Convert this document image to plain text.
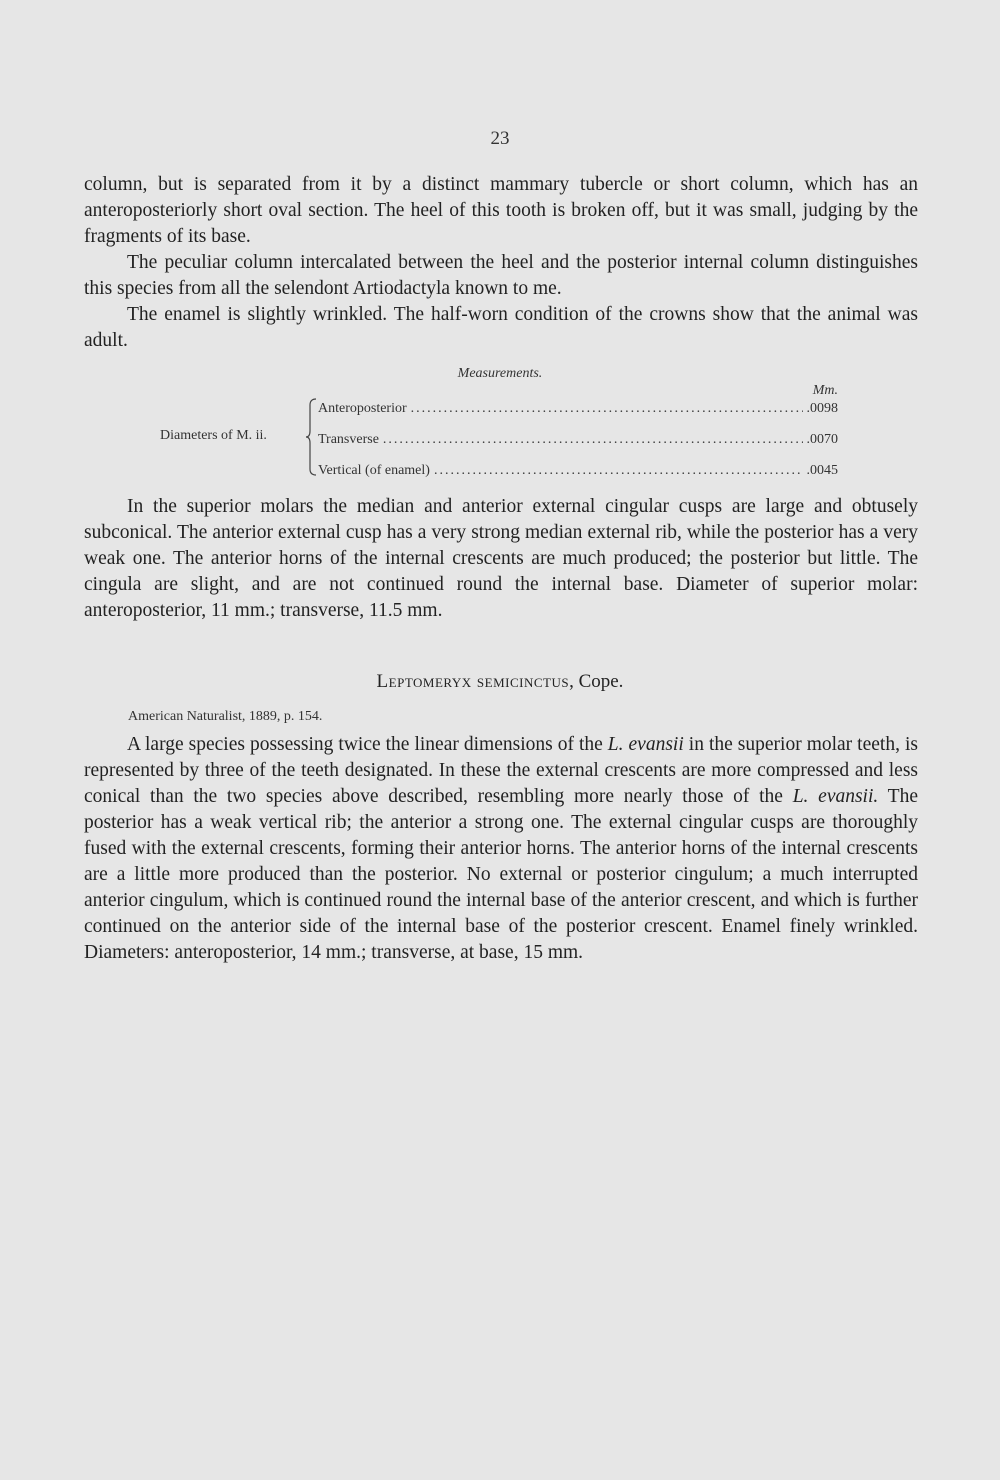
23

column, but is separated from it by a distinct mammary tubercle or short column, which has an anteroposteriorly short oval section. The heel of this tooth is broken off, but it was small, judging by the fragments of its base.

The peculiar column intercalated between the heel and the posterior internal column distinguishes this species from all the selendont Artiodactyla known to me.

The enamel is slightly wrinkled. The half-worn condition of the crowns show that the animal was adult.

Measurements.
Mm.
Diameters of M. ii.
Anteroposterior .....	.0098
Transverse .....	.0070
Vertical (of enamel) .....	.0045

In the superior molars the median and anterior external cingular cusps are large and obtusely subconical. The anterior external cusp has a very strong median external rib, while the posterior has a very weak one. The anterior horns of the internal crescents are much produced; the posterior but little. The cingula are slight, and are not continued round the internal base. Diameter of superior molar: anteroposterior, 11 mm.; transverse, 11.5 mm.

Leptomeryx semicinctus, Cope.
American Naturalist, 1889, p. 154.

A large species possessing twice the linear dimensions of the L. evansii in the superior molar teeth, is represented by three of the teeth designated. In these the external crescents are more compressed and less conical than the two species above described, resembling more nearly those of the L. evansii. The posterior has a weak vertical rib; the anterior a strong one. The external cingular cusps are thoroughly fused with the external crescents, forming their anterior horns. The anterior horns of the internal crescents are a little more produced than the posterior. No external or posterior cingulum; a much interrupted anterior cingulum, which is continued round the internal base of the anterior crescent, and which is further continued on the anterior side of the internal base of the posterior crescent. Enamel finely wrinkled. Diameters: anteroposterior, 14 mm.; transverse, at base, 15 mm.
